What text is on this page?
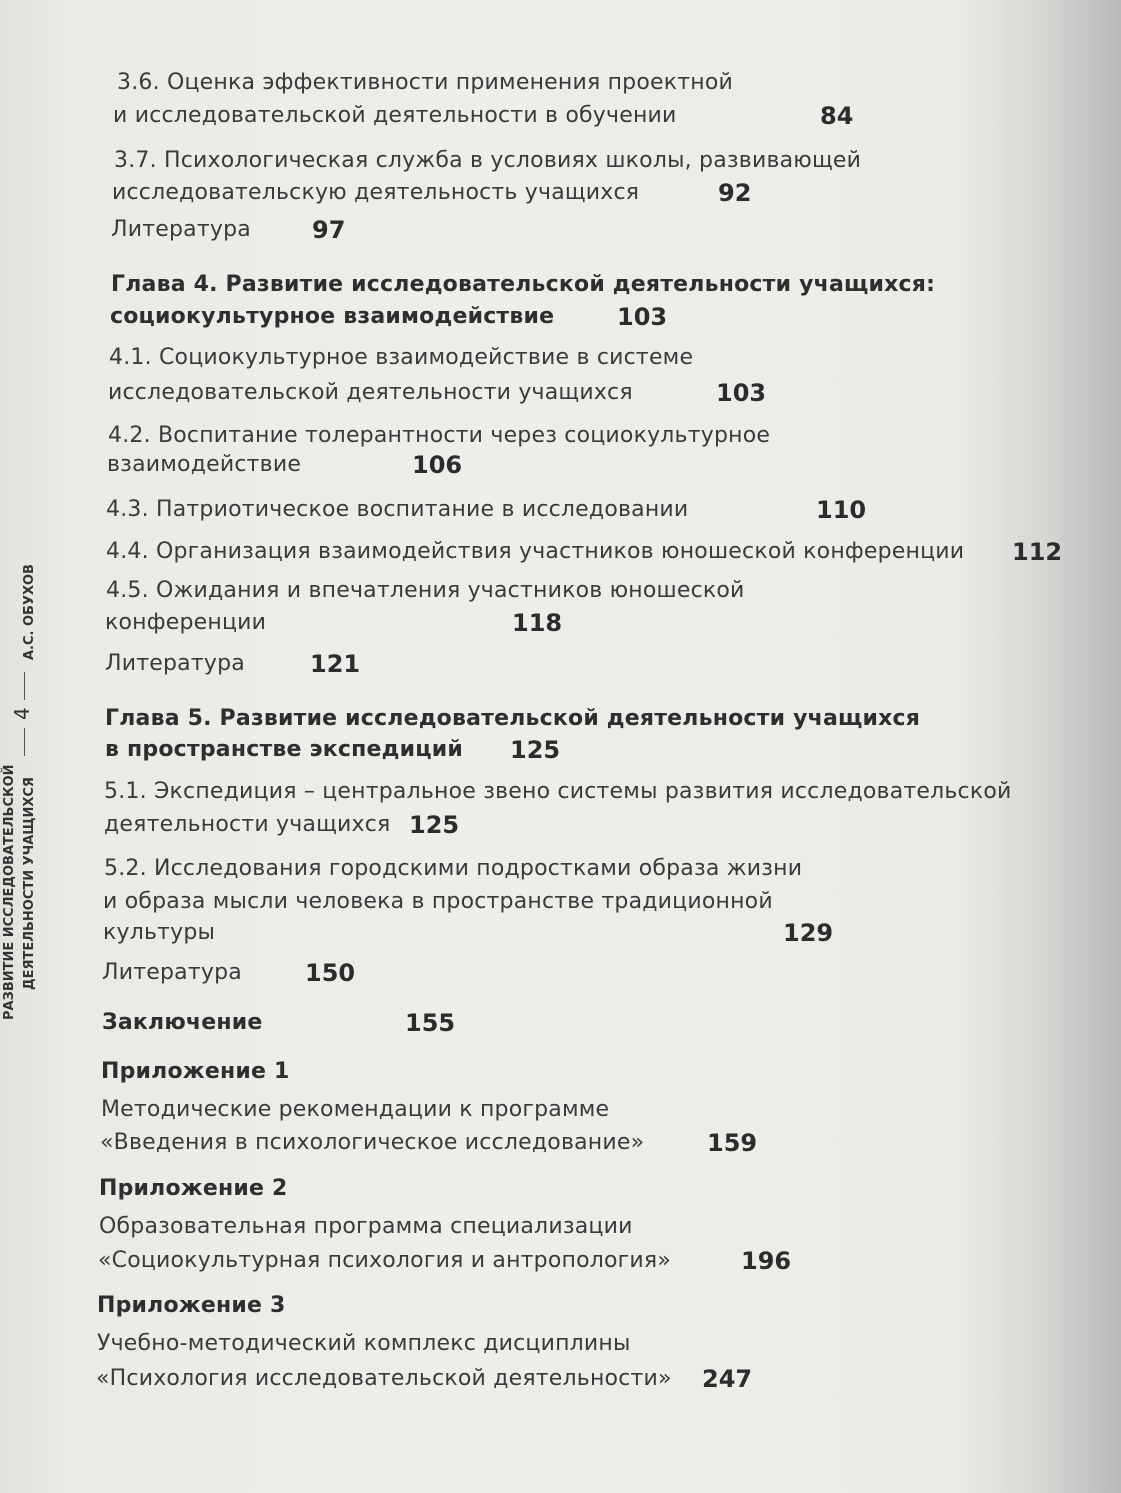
3.6. Оценка эффективности применения проектной
и исследовательской деятельности в обучении	84
3.7. Психологическая служба в условиях школы, развивающей
исследовательскую деятельность учащихся	92
Литература	97
Глава 4. Развитие исследовательской деятельности учащихся:
социокультурное взаимодействие	103
4.1. Социокультурное взаимодействие в системе
исследовательской деятельности учащихся	103
4.2. Воспитание толерантности через социокультурное
взаимодействие	106
4.3. Патриотическое воспитание в исследовании	110
4.4. Организация взаимодействия участников юношеской конференции 112
4.5. Ожидания и впечатления участников юношеской
конференции	118
Литература	121
Глава 5. Развитие исследовательской деятельности учащихся
в пространстве экспедиций 125
5.1. Экспедиция – центральное звено системы развития исследовательской
деятельности учащихся 125
5.2. Исследования городскими подростками образа жизни
и образа мысли человека в пространстве традиционной
культуры	129
Литература	150
Заключение	155
Приложение 1
Методические рекомендации к программе
«Введения в психологическое исследование»	159
Приложение 2
Образовательная программа специализации
«Социокультурная психология и антропология»	196
Приложение 3
Учебно-методический комплекс дисциплины
«Психология исследовательской деятельности» 247
РАЗВИТИЕ ИССЛЕДОВАТЕЛЬСКОЙ ДЕЯТЕЛЬНОСТИ УЧАЩИХСЯ
4
А.С. ОБУХОВ
